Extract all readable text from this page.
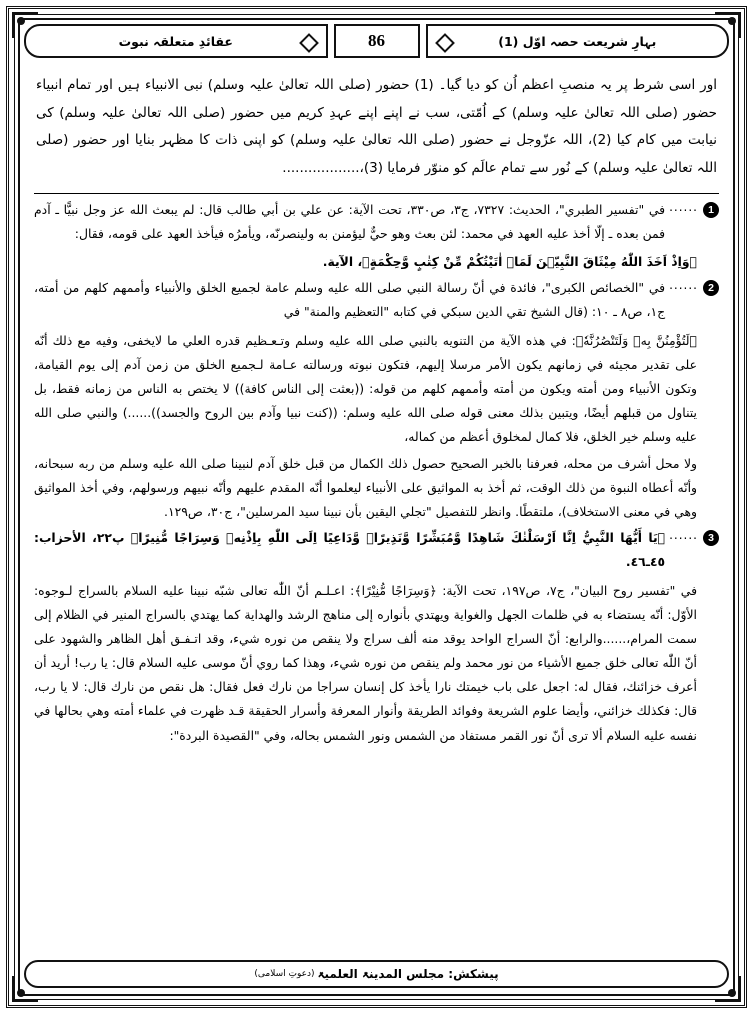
بہارِ شریعت حصہ اوّل (1)
86
عقائدِ متعلقہ نبوت
اور اسی شرط پر یہ منصبِ اعظم اُن کو دیا گیا۔ (1) حضور (صلی اللہ تعالیٰ علیہ وسلم) نبی الانبیاء ہیں اور تمام انبیاء حضور (صلی اللہ تعالیٰ علیہ وسلم) کے اُمّتی، سب نے اپنے اپنے عہدِ کریم میں حضور (صلی اللہ تعالیٰ علیہ وسلم) کی نیابت میں کام کیا (2)، اللہ عزّوجل نے حضور (صلی اللہ تعالیٰ علیہ وسلم) کو اپنی ذات کا مظہر بنایا اور حضور (صلی اللہ تعالیٰ علیہ وسلم) کے نُور سے تمام عالَم کو منوّر فرمایا (3)،..................
1
......
في "تفسير الطبري"، الحديث: ٧٣٢٧، ج٣، ص٣٣٠، تحت الآية: عن علي بن أبي طالب قال: لم يبعث الله عز وجل نبيًّا ـ آدم فمن بعده ـ إلّا أخذ عليه العهد في محمد: لئن بعث وهو حيٌّ ليؤمنن به ولينصرنّه، ويأمرُه فيأخذ العهد على قومه، فقال:
﴿وَاِذْ اَخَذَ اللّٰهُ مِيْثَاقَ النَّبِیّٖنَ لَمَاۤ اٰتَيْتُكُمْ مِّنْ كِتٰبٍ وَّحِكْمَةٍ﴾، الآية.
2
......
في "الخصائص الكبرى"، فائدة في أنّ رسالة النبي صلى الله عليه وسلم عامة لجميع الخلق والأنبياء وأممهم كلهم من أمته، ج١، ص٨ ـ ١٠: (قال الشيخ تقي الدين سبكي في كتابه "التعظيم والمنة" في
﴿لَتُؤْمِنُنَّ بِهٖ وَلَتَنْصُرُنَّهٗ﴾: في هذه الآية من التنويه بالنبي صلى الله عليه وسلم وتـعـظيم قدره العلي ما لايخفى، وفيه مع ذلك أنّه على تقدير مجيئه في زمانهم يكون الأمر مرسلا إليهم، فتكون نبوته ورسالته عـامة لـجميع الخلق من زمن آدم إلى يوم القيامة، وتكون الأنبياء ومن أمته ويكون من أمته وأممهم كلهم من قوله: ((بعثت إلى الناس كافة)) لا يختص به الناس من زمانه فقط، بل يتناول من قبلهم أيضًا، ويتبين بذلك معنى قوله صلى الله عليه وسلم: ((كنت نبيا وآدم بين الروح والجسد))......) والنبي صلى الله عليه وسلم خير الخلق، فلا كمال لمخلوق أعظم من كماله،
ولا محل أشرف من محله، فعرفنا بالخبر الصحيح حصول ذلك الكمال من قبل خلق آدم لنبينا صلى الله عليه وسلم من ربه سبحانه، وأنّه أعطاه النبوة من ذلك الوقت، ثم أخذ به المواثيق على الأنبياء ليعلموا أنّه المقدم عليهم وأنّه نبيهم ورسولهم، وفي أخذ المواثيق وهي في معنى الاستخلاف)، ملتقطًا. وانظر للتفصيل "تجلي اليقين بأن نبينا سيد المرسلين"، ج٣٠، ص١٢٩.
3
......
﴿يَا أَيُّهَا النَّبِيُّ اِنَّا اَرْسَلْنٰكَ شَاهِدًا وَّمُبَشِّرًا وَّنَذِيرًاۙ وَّدَاعِيًا اِلَى اللّٰهِ بِاِذْنِهٖ وَسِرَاجًا مُّنِيرًا﴾ پ٢٢، الأحزاب: ٤٥ـ٤٦.
في "تفسير روح البيان"، ج٧، ص١٩٧، تحت الآية: ﴿وَسِرَاجًا مُّنِيْرًا﴾: اعـلـم أنّ اللّٰه تعالى شبّه نبينا عليه السلام بالسراج لـوجوه: الأوّل: أنّه يستضاء به في ظلمات الجهل والغواية ويهتدي بأنواره إلى مناهج الرشد والهداية كما يهتدي بالسراج المنير في الظلام إلى سمت المرام،......والرابع: أنّ السراج الواحد يوقد منه ألف سراج ولا ينقص من نوره شيء، وقد اتـفـق أهل الظاهر والشهود على أنّ اللّٰه تعالى خلق جميع الأشياء من نور محمد ولم ينقص من نوره شيء، وهذا كما روي أنّ موسى عليه السلام قال: يا رب! أريد أن أعرف خزائنك، فقال له: اجعل على باب خيمتك نارا يأخذ كل إنسان سراجا من نارك فعل فقال: هل نقص من نارك قال: لا يا رب، قال: فكذلك خزائني، وأيضا علوم الشريعة وفوائد الطريقة وأنوار المعرفة وأسرار الحقيقة قـد ظهرت في علماء أمته وهي بحالها في نفسه عليه السلام ألا ترى أنّ نور القمر مستفاد من الشمس ونور الشمس بحاله، وفي "القصيدة البردة":
پیشکش: مجلس المدینۃ العلمیۃ
(دعوتِ اسلامی)
